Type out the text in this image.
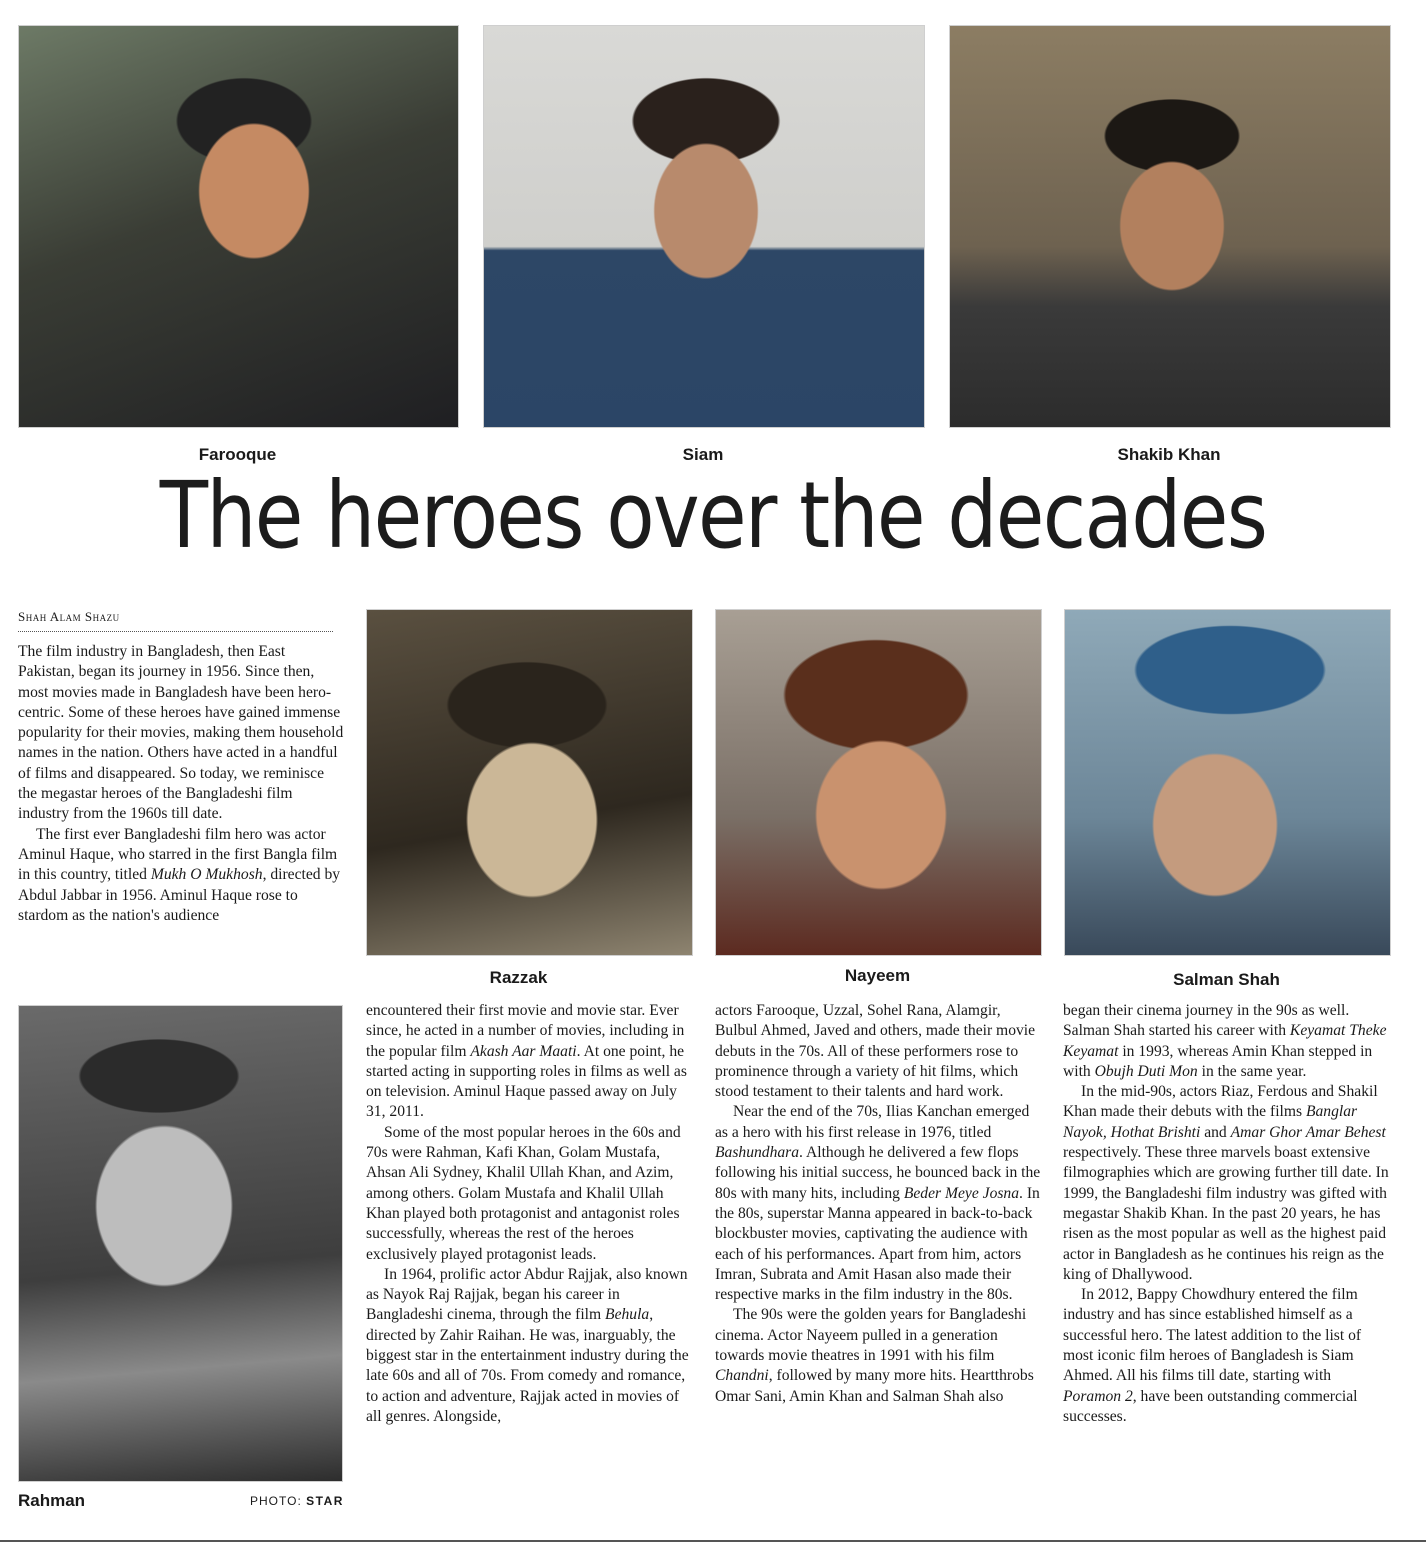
Farooque	Siam	Shakib Khan
The heroes over the decades
Shah Alam Shazu

The film industry in Bangladesh, then East Pakistan, began its journey in 1956. Since then, most movies made in Bangladesh have been hero-centric. Some of these heroes have gained immense popularity for their movies, making them household names in the nation. Others have acted in a handful of films and disappeared. So today, we reminisce the megastar heroes of the Bangladeshi film industry from the 1960s till date.

The first ever Bangladeshi film hero was actor Aminul Haque, who starred in the first Bangla film in this country, titled Mukh O Mukhosh, directed by Abdul Jabbar in 1956. Aminul Haque rose to stardom as the nation's audience

Razzak	Nayeem	Salman Shah
Rahman	PHOTO: STAR

encountered their first movie and movie star. Ever since, he acted in a number of movies, including in the popular film Akash Aar Maati. At one point, he started acting in supporting roles in films as well as on television. Aminul Haque passed away on July 31, 2011.

Some of the most popular heroes in the 60s and 70s were Rahman, Kafi Khan, Golam Mustafa, Ahsan Ali Sydney, Khalil Ullah Khan, and Azim, among others. Golam Mustafa and Khalil Ullah Khan played both protagonist and antagonist roles successfully, whereas the rest of the heroes exclusively played protagonist leads.

In 1964, prolific actor Abdur Rajjak, also known as Nayok Raj Rajjak, began his career in Bangladeshi cinema, through the film Behula, directed by Zahir Raihan. He was, inarguably, the biggest star in the entertainment industry during the late 60s and all of 70s. From comedy and romance, to action and adventure, Rajjak acted in movies of all genres. Alongside,

actors Farooque, Uzzal, Sohel Rana, Alamgir, Bulbul Ahmed, Javed and others, made their movie debuts in the 70s. All of these performers rose to prominence through a variety of hit films, which stood testament to their talents and hard work.

Near the end of the 70s, Ilias Kanchan emerged as a hero with his first release in 1976, titled Bashundhara. Although he delivered a few flops following his initial success, he bounced back in the 80s with many hits, including Beder Meye Josna. In the 80s, superstar Manna appeared in back-to-back blockbuster movies, captivating the audience with each of his performances. Apart from him, actors Imran, Subrata and Amit Hasan also made their respective marks in the film industry in the 80s.

The 90s were the golden years for Bangladeshi cinema. Actor Nayeem pulled in a generation towards movie theatres in 1991 with his film Chandni, followed by many more hits. Heartthrobs Omar Sani, Amin Khan and Salman Shah also

began their cinema journey in the 90s as well. Salman Shah started his career with Keyamat Theke Keyamat in 1993, whereas Amin Khan stepped in with Obujh Duti Mon in the same year.

In the mid-90s, actors Riaz, Ferdous and Shakil Khan made their debuts with the films Banglar Nayok, Hothat Brishti and Amar Ghor Amar Behest respectively. These three marvels boast extensive filmographies which are growing further till date. In 1999, the Bangladeshi film industry was gifted with megastar Shakib Khan. In the past 20 years, he has risen as the most popular as well as the highest paid actor in Bangladesh as he continues his reign as the king of Dhallywood.

In 2012, Bappy Chowdhury entered the film industry and has since established himself as a successful hero. The latest addition to the list of most iconic film heroes of Bangladesh is Siam Ahmed. All his films till date, starting with Poramon 2, have been outstanding commercial successes.
